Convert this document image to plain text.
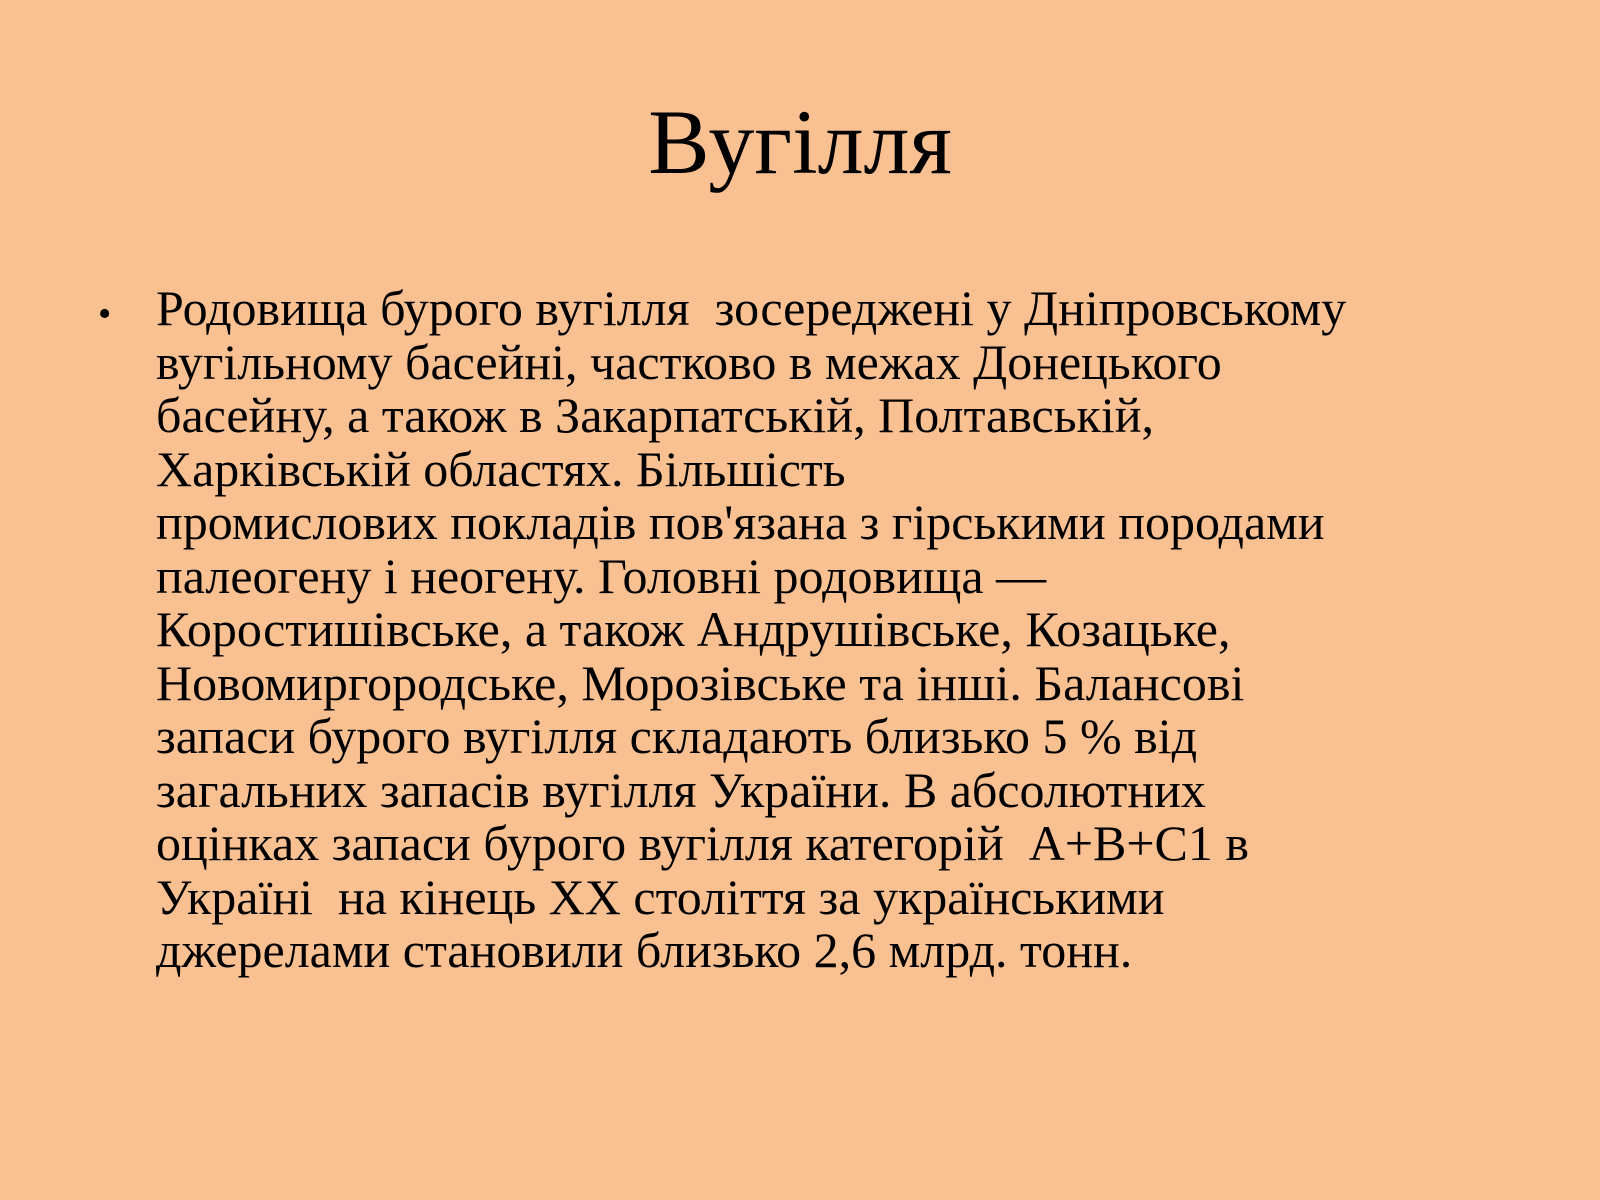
Вугілля
• Родовища бурого вугілля  зосереджені у Дніпровському
вугільному басейні, частково в межах Донецького
басейну, а також в Закарпатській, Полтавській,
Харківській областях. Більшість
промислових покладів пов'язана з гірськими породами
палеогену і неогену. Головні родовища —
Коростишівське, а також Андрушівське, Козацьке,
Новомиргородське, Морозівське та інші. Балансові
запаси бурого вугілля складають близько 5 % від
загальних запасів вугілля України. В абсолютних
оцінках запаси бурого вугілля категорій  А+В+С1 в
Україні  на кінець XX століття за українськими
джерелами становили близько 2,6 млрд. тонн.
